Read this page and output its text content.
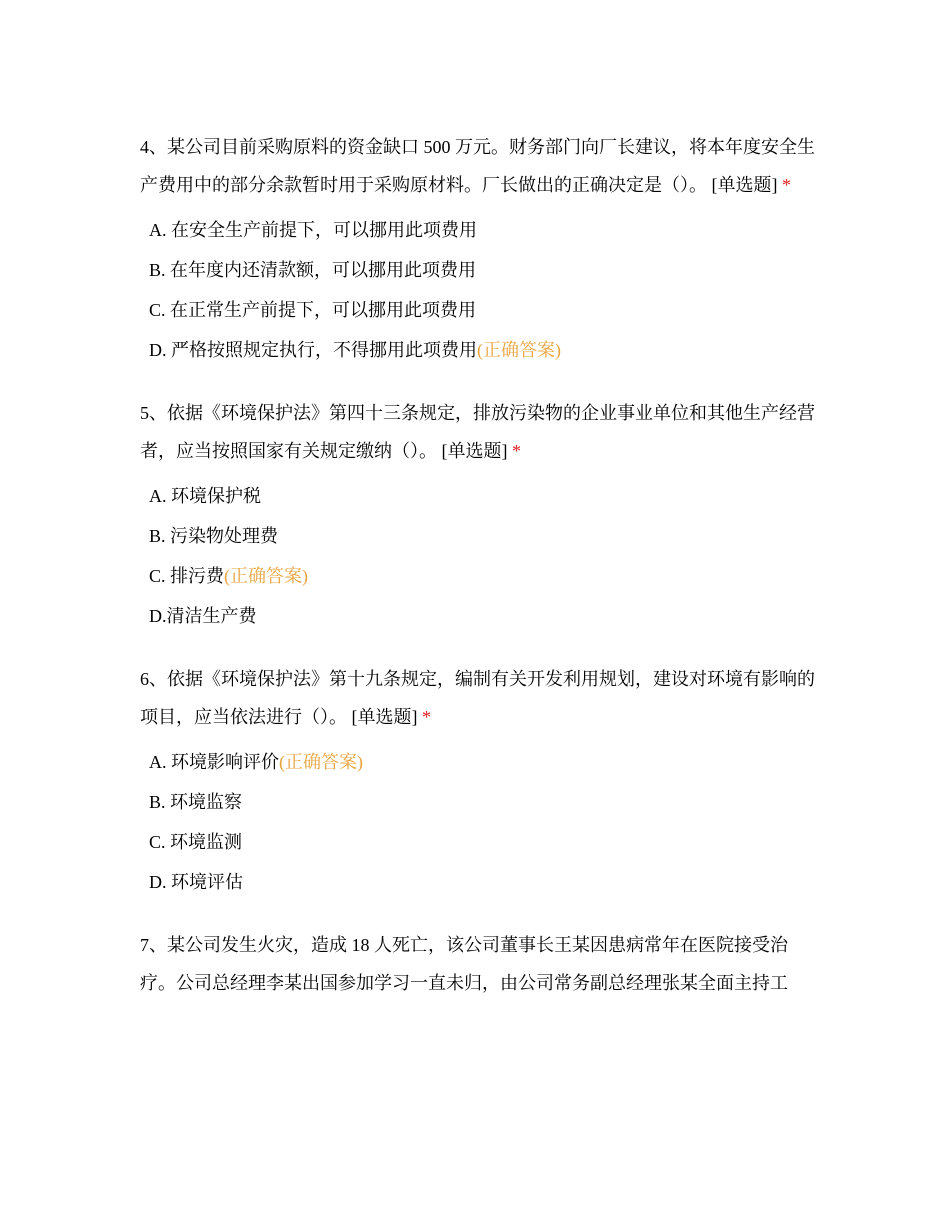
4、某公司目前采购原料的资金缺口 500 万元。财务部门向厂长建议，将本年度安全生产费用中的部分余款暂时用于采购原材料。厂长做出的正确决定是（）。 [单选题] *

A. 在安全生产前提下，可以挪用此项费用
B. 在年度内还清款额，可以挪用此项费用
C. 在正常生产前提下，可以挪用此项费用
D. 严格按照规定执行，不得挪用此项费用(正确答案)

5、依据《环境保护法》第四十三条规定，排放污染物的企业事业单位和其他生产经营者，应当按照国家有关规定缴纳（）。 [单选题] *

A. 环境保护税
B. 污染物处理费
C. 排污费(正确答案)
D.清洁生产费

6、依据《环境保护法》第十九条规定，编制有关开发利用规划，建设对环境有影响的项目，应当依法进行（）。 [单选题] *

A. 环境影响评价(正确答案)
B. 环境监察
C. 环境监测
D. 环境评估

7、某公司发生火灾，造成 18 人死亡，该公司董事长王某因患病常年在医院接受治疗。公司总经理李某出国参加学习一直未归，由公司常务副总经理张某全面主持工
